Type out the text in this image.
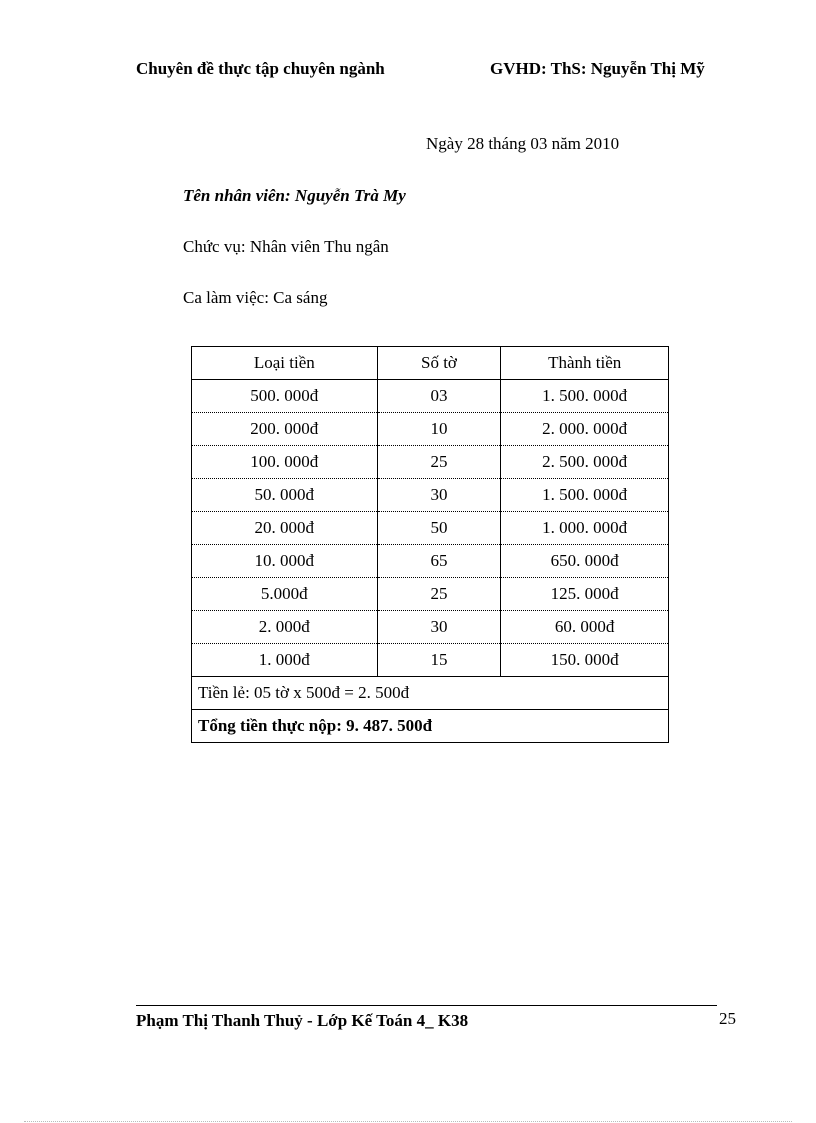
Chuyên đề thực tập chuyên ngành	GVHD: ThS: Nguyễn Thị Mỹ
Ngày 28 tháng 03 năm 2010
Tên nhân viên: Nguyễn Trà My
Chức vụ: Nhân viên Thu ngân
Ca làm việc: Ca sáng
Loại tiền	Số tờ	Thành tiền
500. 000đ	03	1. 500. 000đ
200. 000đ	10	2. 000. 000đ
100. 000đ	25	2. 500. 000đ
50. 000đ	30	1. 500. 000đ
20. 000đ	50	1. 000. 000đ
10. 000đ	65	650. 000đ
5.000đ	25	125. 000đ
2. 000đ	30	60. 000đ
1. 000đ	15	150. 000đ
Tiền lẻ: 05 tờ x 500đ = 2. 500đ		
Tổng tiền thực nộp: 9. 487. 500đ		
Phạm Thị Thanh Thuỷ - Lớp Kế Toán 4_ K38	25
